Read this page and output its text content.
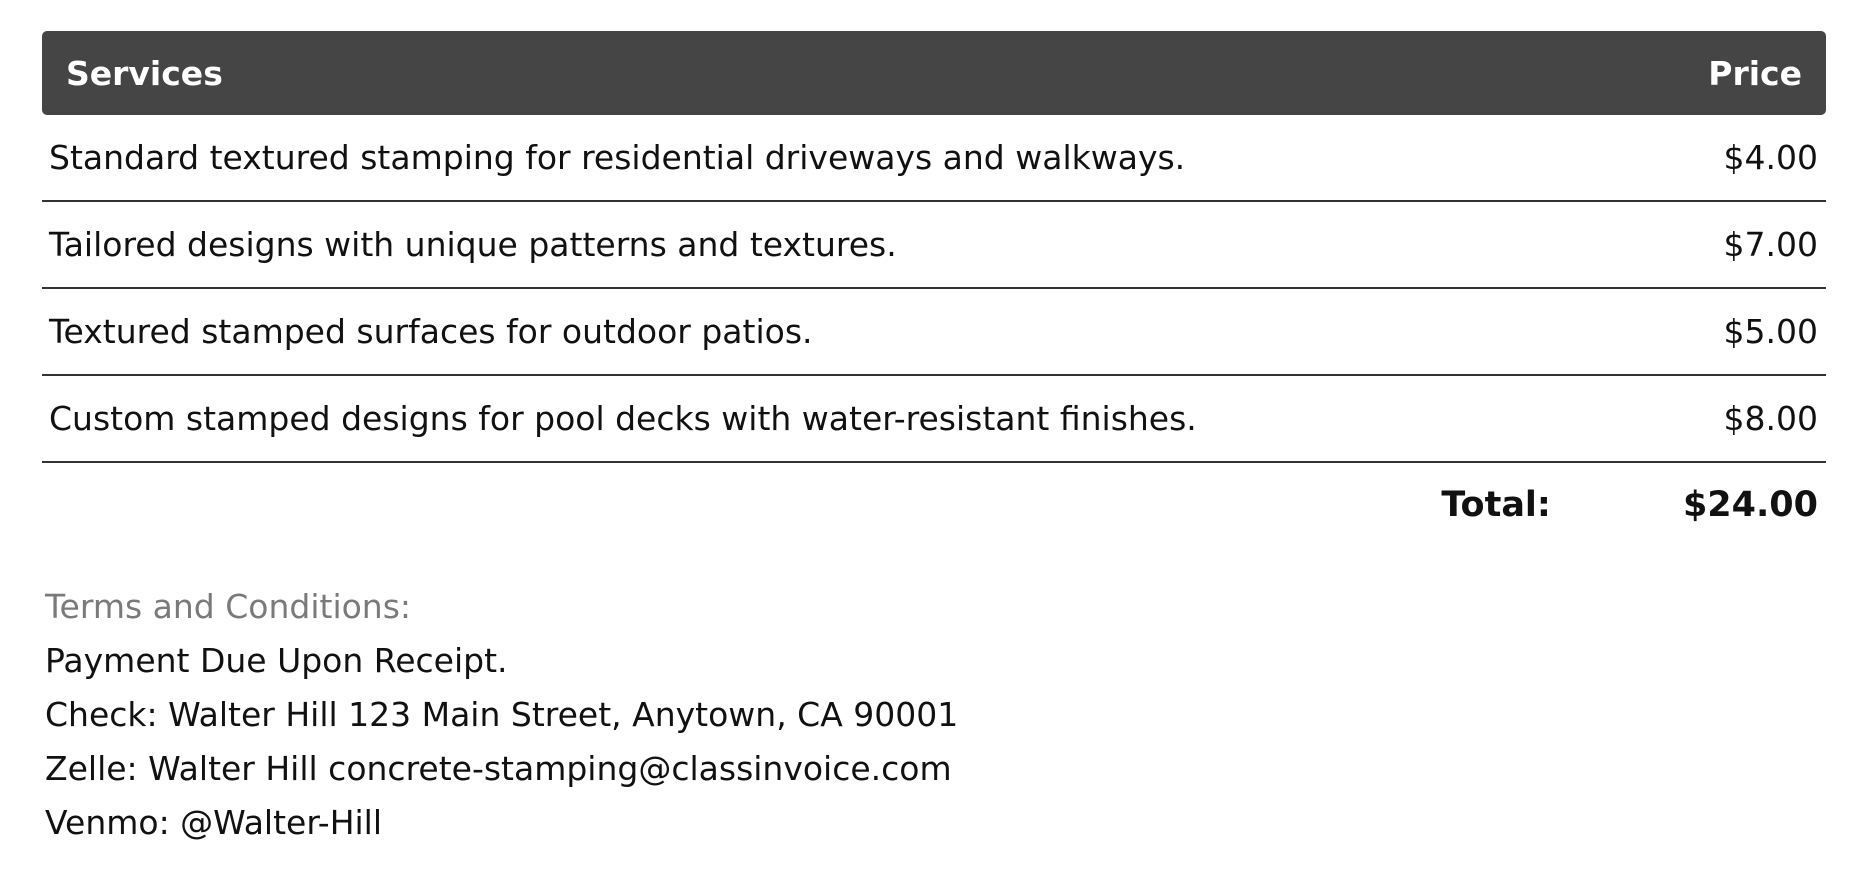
Services	Price
Standard textured stamping for residential driveways and walkways.	$4.00
Tailored designs with unique patterns and textures.	$7.00
Textured stamped surfaces for outdoor patios.	$5.00
Custom stamped designs for pool decks with water-resistant finishes.	$8.00
Total:	$24.00
Terms and Conditions:
Payment Due Upon Receipt.
Check: Walter Hill 123 Main Street, Anytown, CA 90001
Zelle: Walter Hill concrete-stamping@classinvoice.com
Venmo: @Walter-Hill
